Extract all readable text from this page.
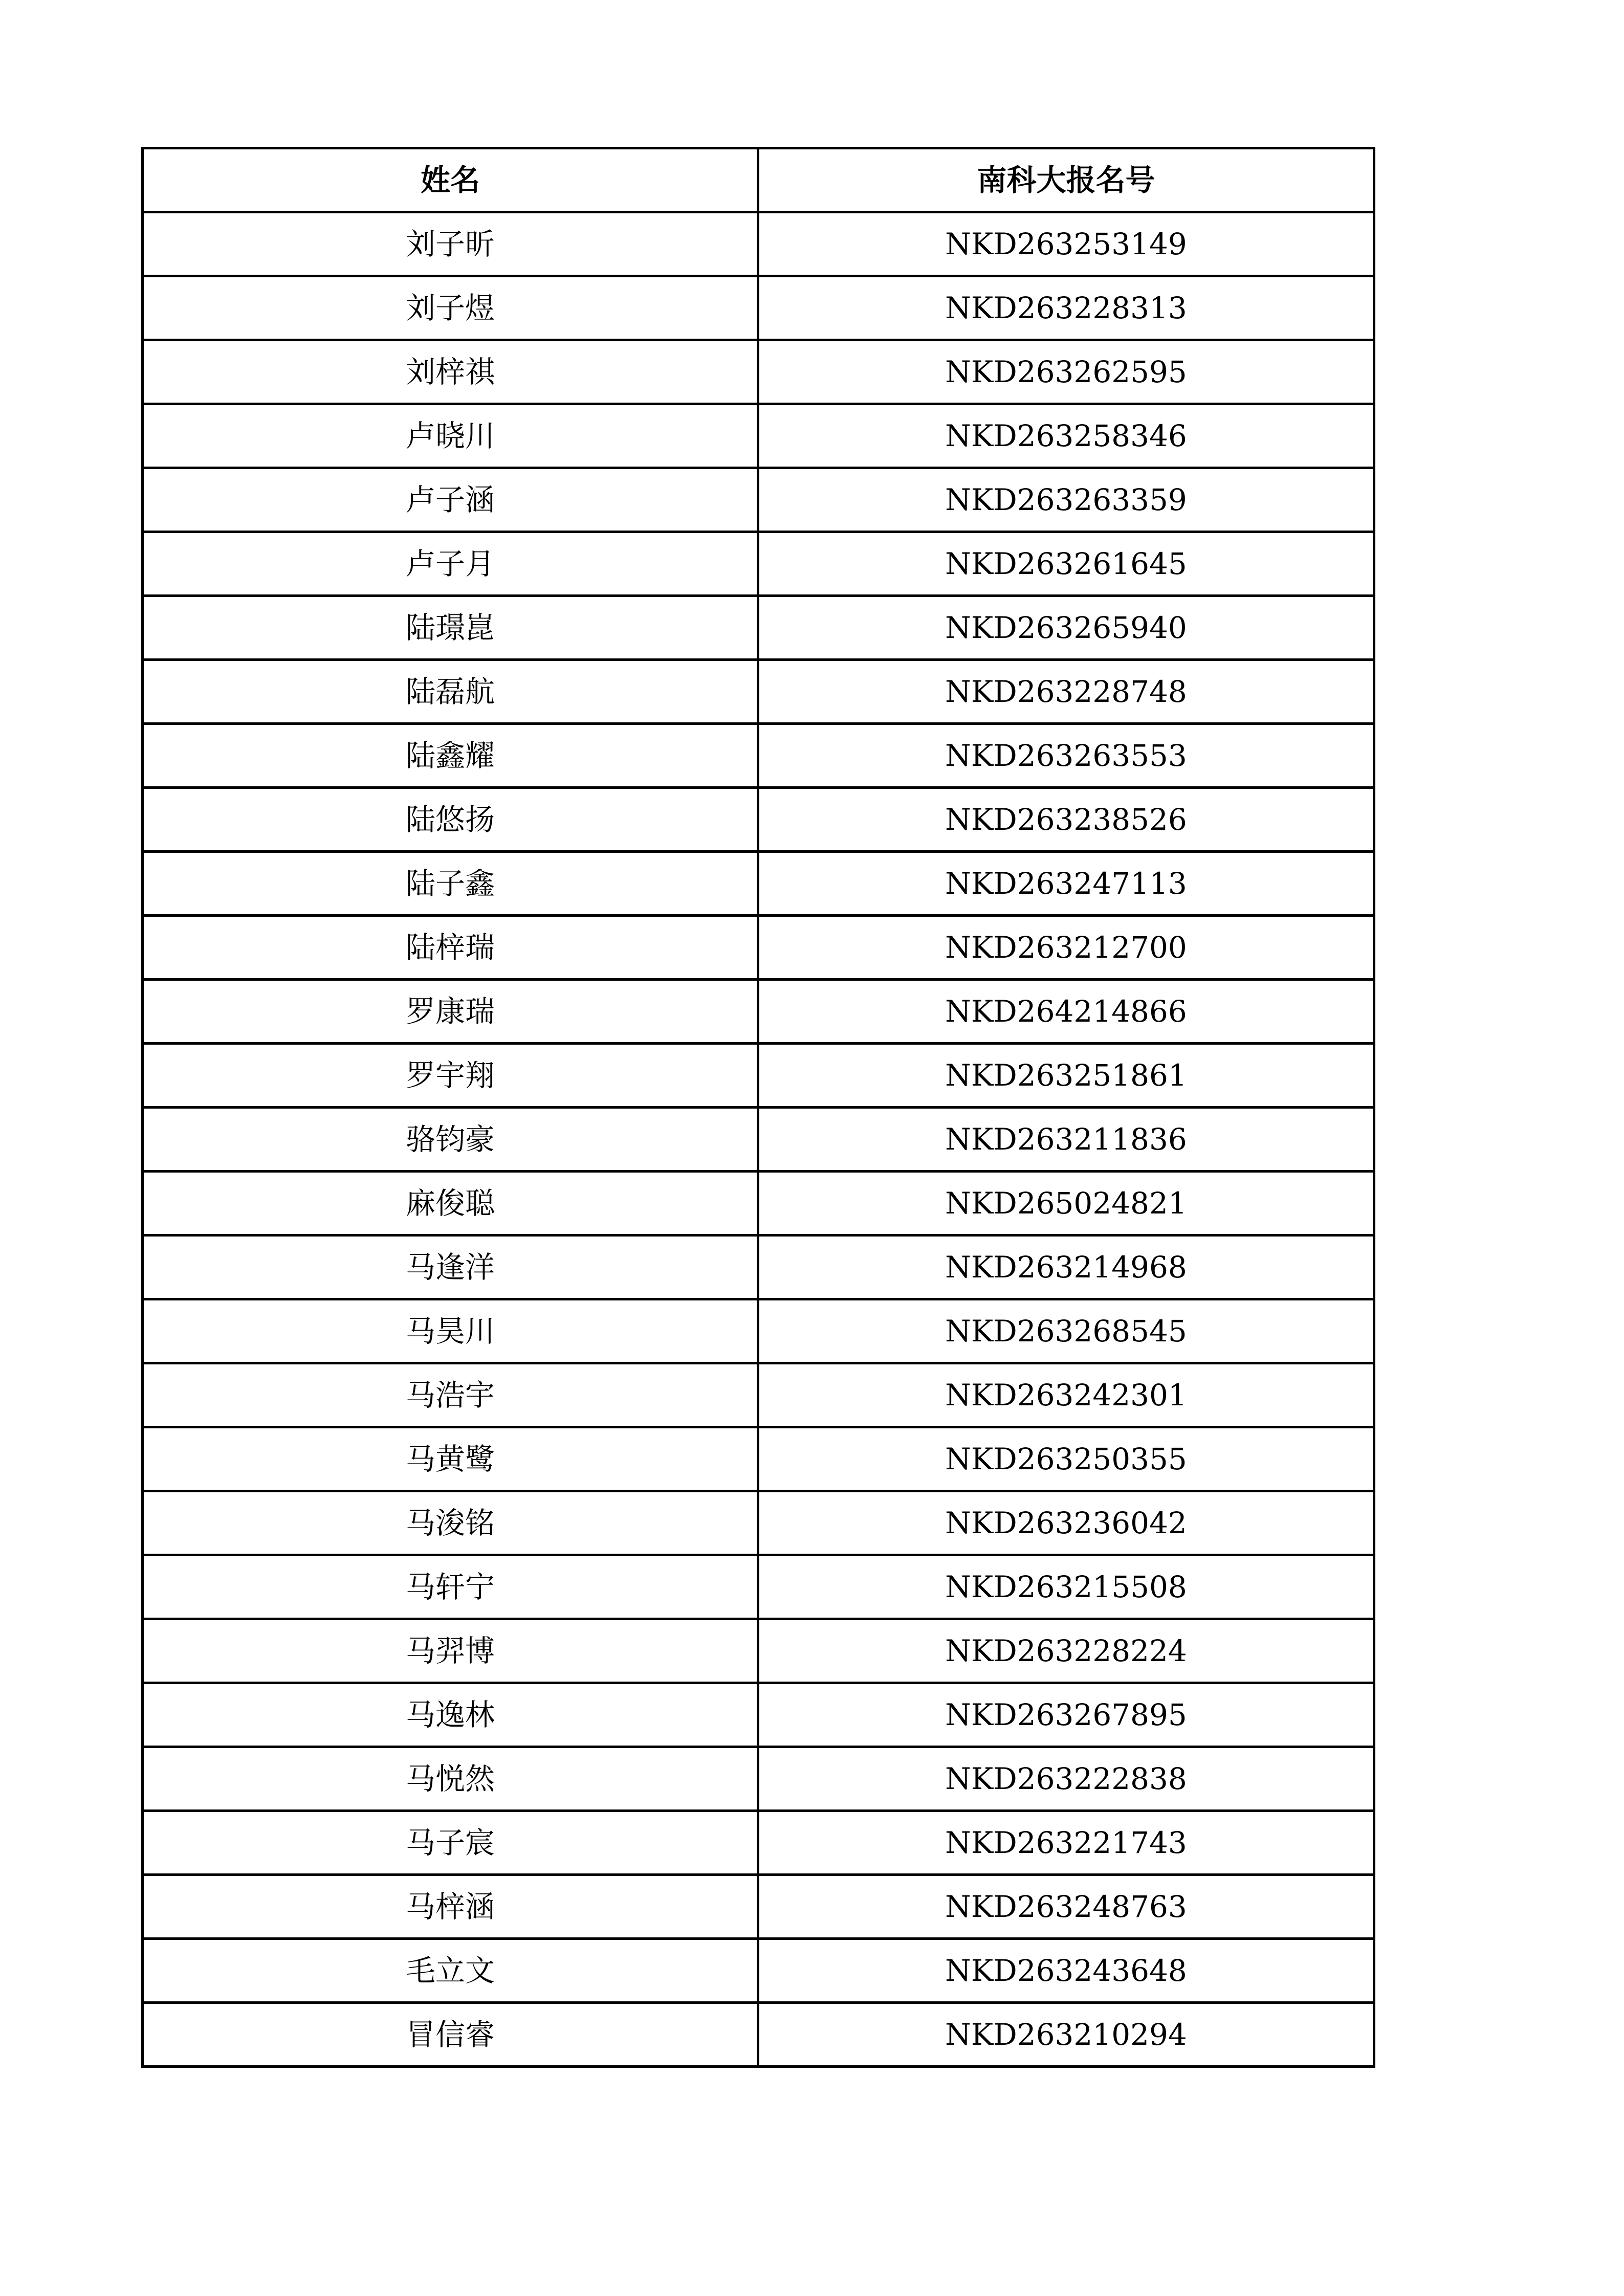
姓名	南科大报名号
刘子昕	NKD263253149
刘子煜	NKD263228313
刘梓祺	NKD263262595
卢晓川	NKD263258346
卢子涵	NKD263263359
卢子月	NKD263261645
陆璟崑	NKD263265940
陆磊航	NKD263228748
陆鑫耀	NKD263263553
陆悠扬	NKD263238526
陆子鑫	NKD263247113
陆梓瑞	NKD263212700
罗康瑞	NKD264214866
罗宇翔	NKD263251861
骆钧豪	NKD263211836
麻俊聪	NKD265024821
马逢洋	NKD263214968
马昊川	NKD263268545
马浩宇	NKD263242301
马黄鹭	NKD263250355
马浚铭	NKD263236042
马轩宁	NKD263215508
马羿博	NKD263228224
马逸林	NKD263267895
马悦然	NKD263222838
马子宸	NKD263221743
马梓涵	NKD263248763
毛立文	NKD263243648
冒信睿	NKD263210294
